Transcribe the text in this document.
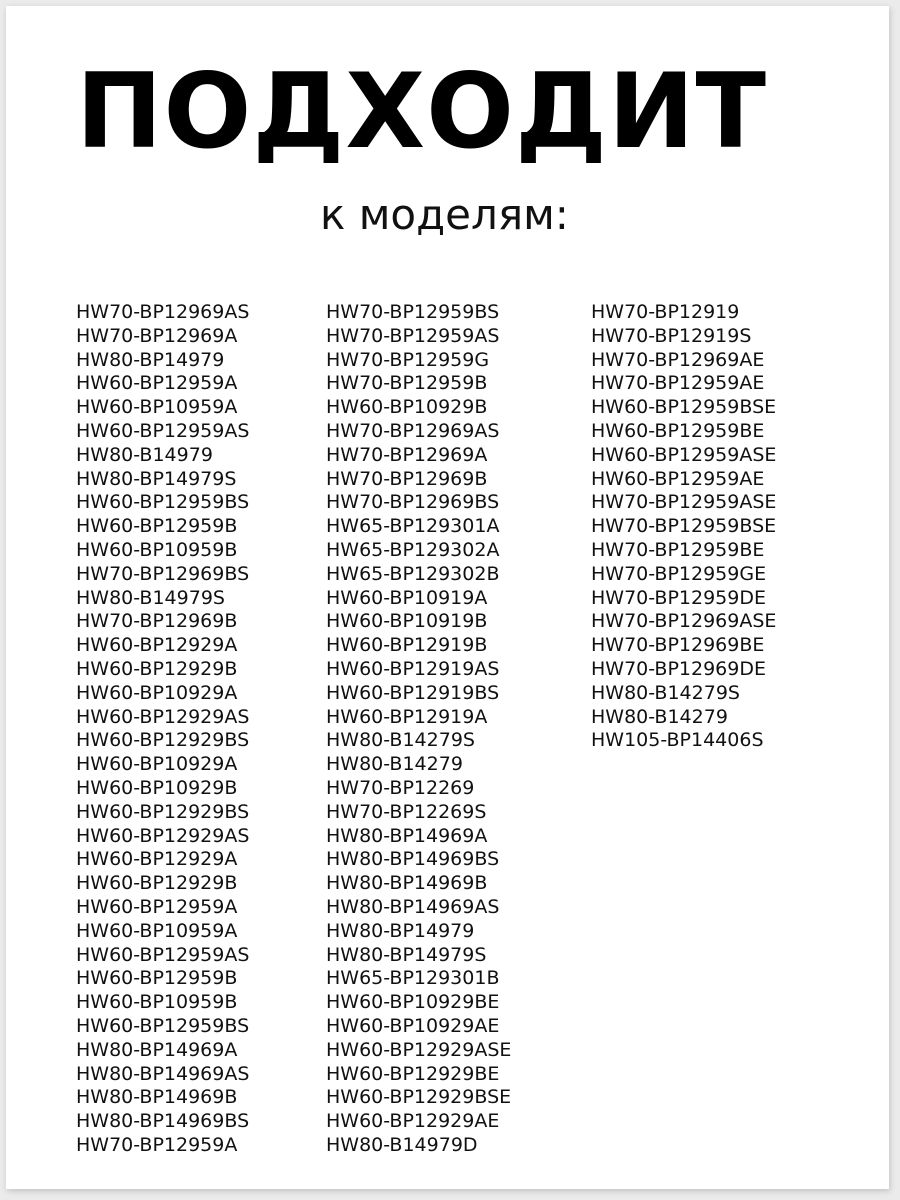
ПОДХОДИТ
к моделям:
HW70-BP12969AS
HW70-BP12969A
HW80-BP14979
HW60-BP12959A
HW60-BP10959A
HW60-BP12959AS
HW80-B14979
HW80-BP14979S
HW60-BP12959BS
HW60-BP12959B
HW60-BP10959B
HW70-BP12969BS
HW80-B14979S
HW70-BP12969B
HW60-BP12929A
HW60-BP12929B
HW60-BP10929A
HW60-BP12929AS
HW60-BP12929BS
HW60-BP10929A
HW60-BP10929B
HW60-BP12929BS
HW60-BP12929AS
HW60-BP12929A
HW60-BP12929B
HW60-BP12959A
HW60-BP10959A
HW60-BP12959AS
HW60-BP12959B
HW60-BP10959B
HW60-BP12959BS
HW80-BP14969A
HW80-BP14969AS
HW80-BP14969B
HW80-BP14969BS
HW70-BP12959A
HW70-BP12959BS
HW70-BP12959AS
HW70-BP12959G
HW70-BP12959B
HW60-BP10929B
HW70-BP12969AS
HW70-BP12969A
HW70-BP12969B
HW70-BP12969BS
HW65-BP129301A
HW65-BP129302A
HW65-BP129302B
HW60-BP10919A
HW60-BP10919B
HW60-BP12919B
HW60-BP12919AS
HW60-BP12919BS
HW60-BP12919A
HW80-B14279S
HW80-B14279
HW70-BP12269
HW70-BP12269S
HW80-BP14969A
HW80-BP14969BS
HW80-BP14969B
HW80-BP14969AS
HW80-BP14979
HW80-BP14979S
HW65-BP129301B
HW60-BP10929BE
HW60-BP10929AE
HW60-BP12929ASE
HW60-BP12929BE
HW60-BP12929BSE
HW60-BP12929AE
HW80-B14979D
HW70-BP12919
HW70-BP12919S
HW70-BP12969AE
HW70-BP12959AE
HW60-BP12959BSE
HW60-BP12959BE
HW60-BP12959ASE
HW60-BP12959AE
HW70-BP12959ASE
HW70-BP12959BSE
HW70-BP12959BE
HW70-BP12959GE
HW70-BP12959DE
HW70-BP12969ASE
HW70-BP12969BE
HW70-BP12969DE
HW80-B14279S
HW80-B14279
HW105-BP14406S
